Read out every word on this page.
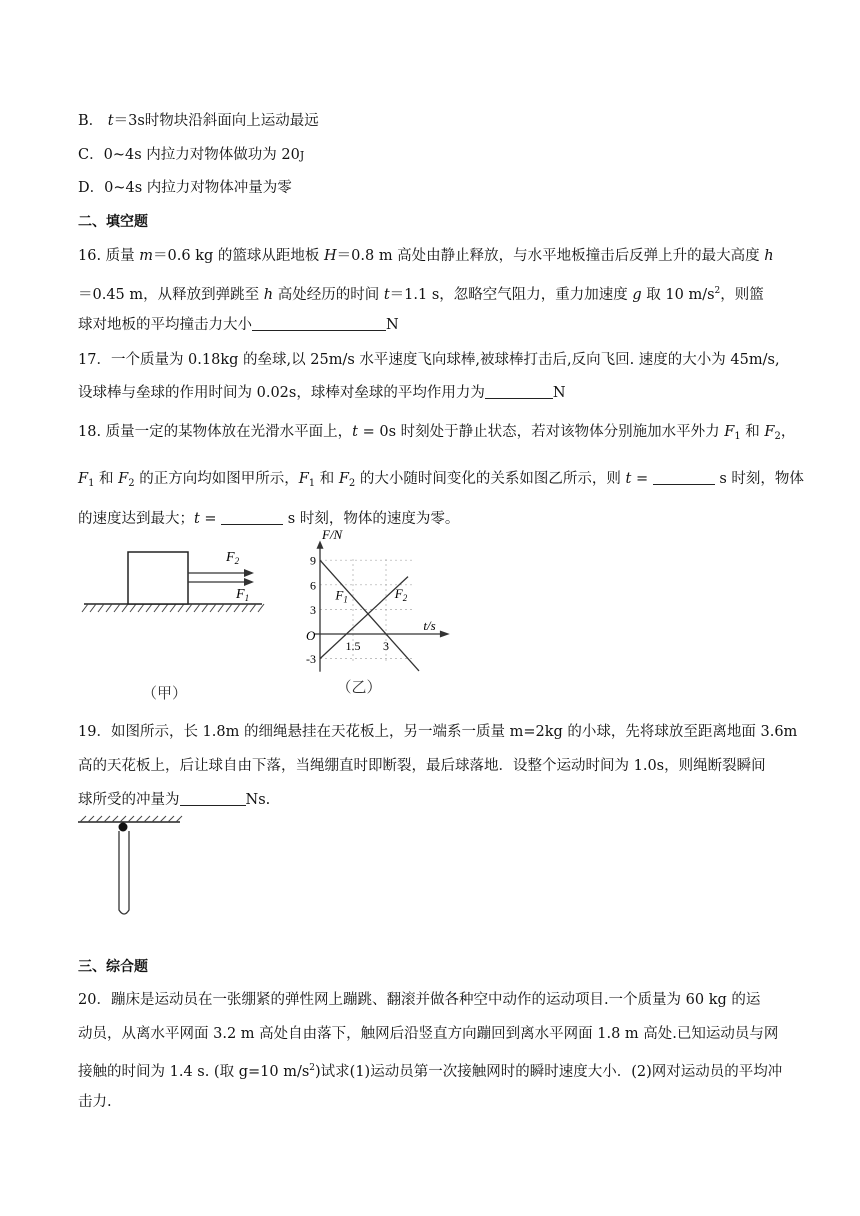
B． t＝3s时物块沿斜面向上运动最远
C．0~4s 内拉力对物体做功为 20J
D．0~4s 内拉力对物体冲量为零
二、填空题
16. 质量 m＝0.6 kg 的篮球从距地板 H＝0.8 m 高处由静止释放，与水平地板撞击后反弹上升的最大高度 h
＝0.45 m，从释放到弹跳至 h 高处经历的时间 t＝1.1 s，忽略空气阻力，重力加速度 g 取 10 $m/s^2$，则篮
球对地板的平均撞击力大小	N
17．一个质量为 0.18kg 的垒球,以 25m/s 水平速度飞向球棒,被球棒打击后,反向飞回. 速度的大小为 45m/s,
设球棒与垒球的作用时间为 0.02s，球棒对垒球的平均作用力为	N
18. 质量一定的某物体放在光滑水平面上，t = 0s 时刻处于静止状态，若对该物体分别施加水平外力 $F_1$ 和 $F_2$，
$F_1$ 和 $F_2$ 的正方向均如图甲所示，$F_1$ 和 $F_2$ 的大小随时间变化的关系如图乙所示，则 t =	s 时刻，物体
的速度达到最大；t =	s 时刻，物体的速度为零。
$F_2$
$F_1$
（甲）
-3
3
6
9
1.5 3
F/N
t/s
O
$F_1$	$F_2$
（乙）
19．如图所示，长 1.8m 的细绳悬挂在天花板上，另一端系一质量 m=2kg 的小球，先将球放至距离地面 3.6m
高的天花板上，后让球自由下落，当绳绷直时即断裂，最后球落地．设整个运动时间为 1.0s，则绳断裂瞬间
球所受的冲量为	Ns.
三、综合题
20．蹦床是运动员在一张绷紧的弹性网上蹦跳、翻滚并做各种空中动作的运动项目.一个质量为 60 kg 的运
动员，从离水平网面 3.2 m 高处自由落下，触网后沿竖直方向蹦回到离水平网面 1.8 m 高处.已知运动员与网
接触的时间为 1.4 s. (取 g=10 $m/s^2$)试求(1)运动员第一次接触网时的瞬时速度大小．(2)网对运动员的平均冲
击力.
